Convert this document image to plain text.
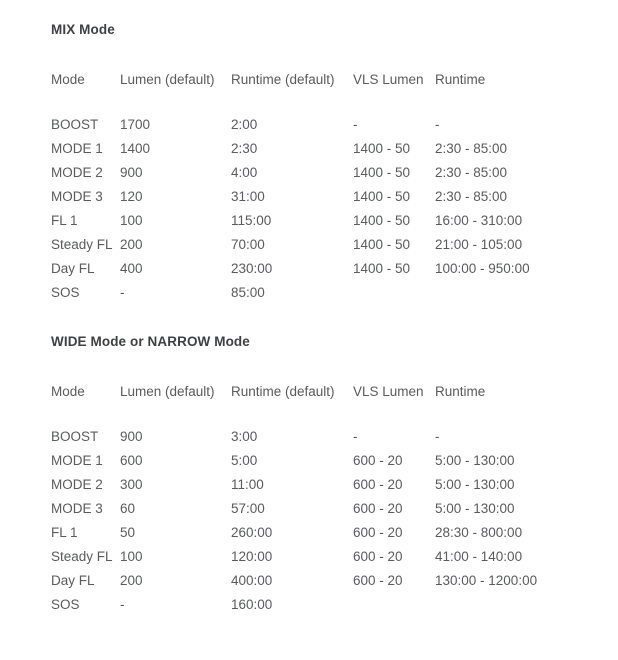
MIX Mode
	Mode	Lumen (default)	Runtime (default)	VLS Lumen	Runtime

	BOOST	1700	2:00	-	-
	MODE 1	1400	2:30	1400 - 50	2:30 - 85:00
	MODE 2	900	4:00	1400 - 50	2:30 - 85:00
	MODE 3	120	31:00	1400 - 50	2:30 - 85:00
	FL 1	100	115:00	1400 - 50	16:00 - 310:00
	Steady FL	200	70:00	1400 - 50	21:00 - 105:00
	Day FL	400	230:00	1400 - 50	100:00 - 950:00
	SOS	-	85:00		
WIDE Mode or NARROW Mode
	Mode	Lumen (default)	Runtime (default)	VLS Lumen	Runtime

	BOOST	900	3:00	-	-
	MODE 1	600	5:00	600 - 20	5:00 - 130:00
	MODE 2	300	11:00	600 - 20	5:00 - 130:00
	MODE 3	60	57:00	600 - 20	5:00 - 130:00
	FL 1	50	260:00	600 - 20	28:30 - 800:00
	Steady FL	100	120:00	600 - 20	41:00 - 140:00
	Day FL	200	400:00	600 - 20	130:00 - 1200:00
	SOS	-	160:00		
